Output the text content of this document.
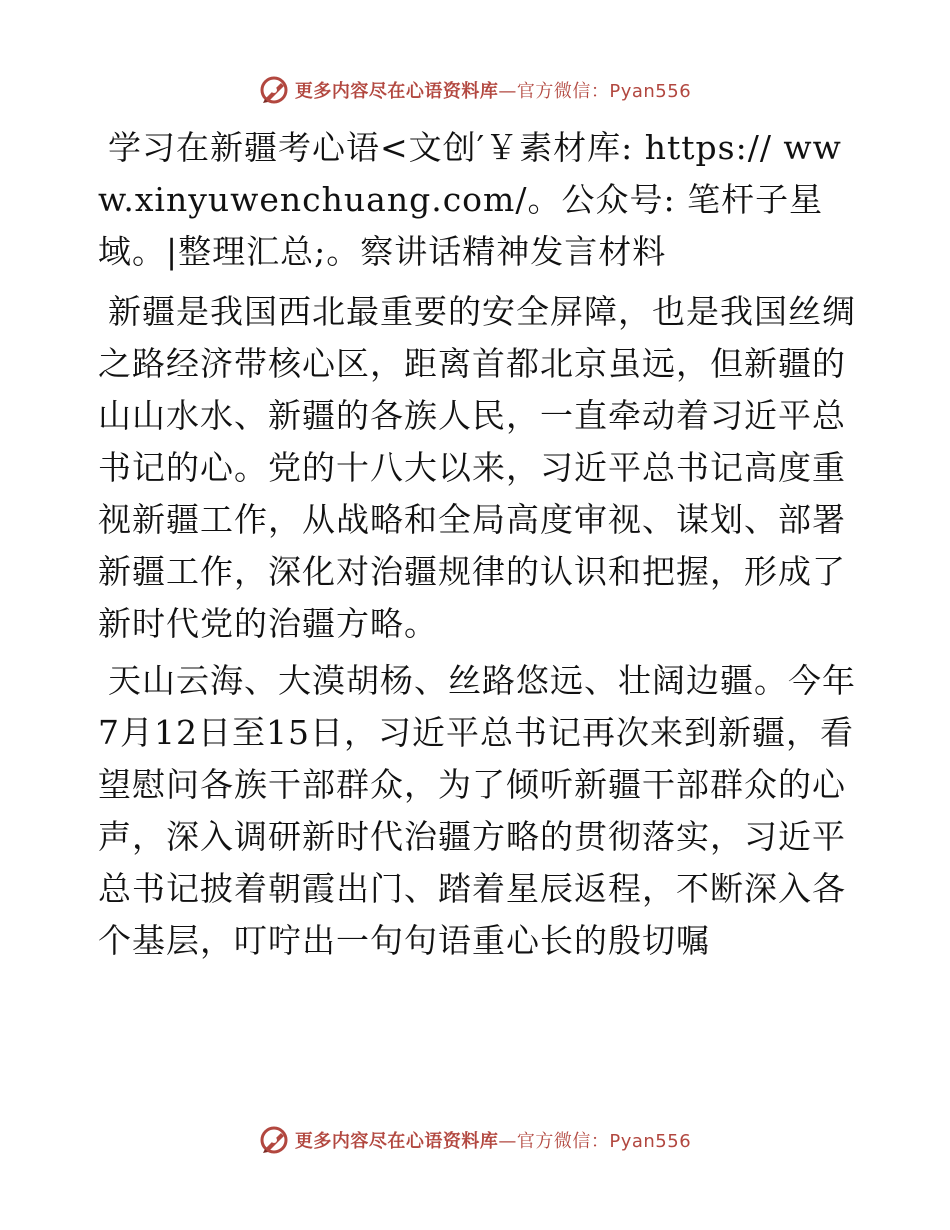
更多内容尽在心语资料库—官方微信：Pyan556

学习在新疆考心语<文创′￥素材库: https:// www.xinyuwenchuang.com/。公众号: 笔杆子星域。|整理汇总;。察讲话精神发言材料

新疆是我国西北最重要的安全屏障，也是我国丝绸之路经济带核心区，距离首都北京虽远，但新疆的山山水水、新疆的各族人民，一直牵动着习近平总书记的心。党的十八大以来，习近平总书记高度重视新疆工作，从战略和全局高度审视、谋划、部署新疆工作，深化对治疆规律的认识和把握，形成了新时代党的治疆方略。

天山云海、大漠胡杨、丝路悠远、壮阔边疆。今年7月12日至15日，习近平总书记再次来到新疆，看望慰问各族干部群众，为了倾听新疆干部群众的心声，深入调研新时代治疆方略的贯彻落实，习近平总书记披着朝霞出门、踏着星辰返程，不断深入各个基层，叮咛出一句句语重心长的殷切嘱

更多内容尽在心语资料库—官方微信：Pyan556
